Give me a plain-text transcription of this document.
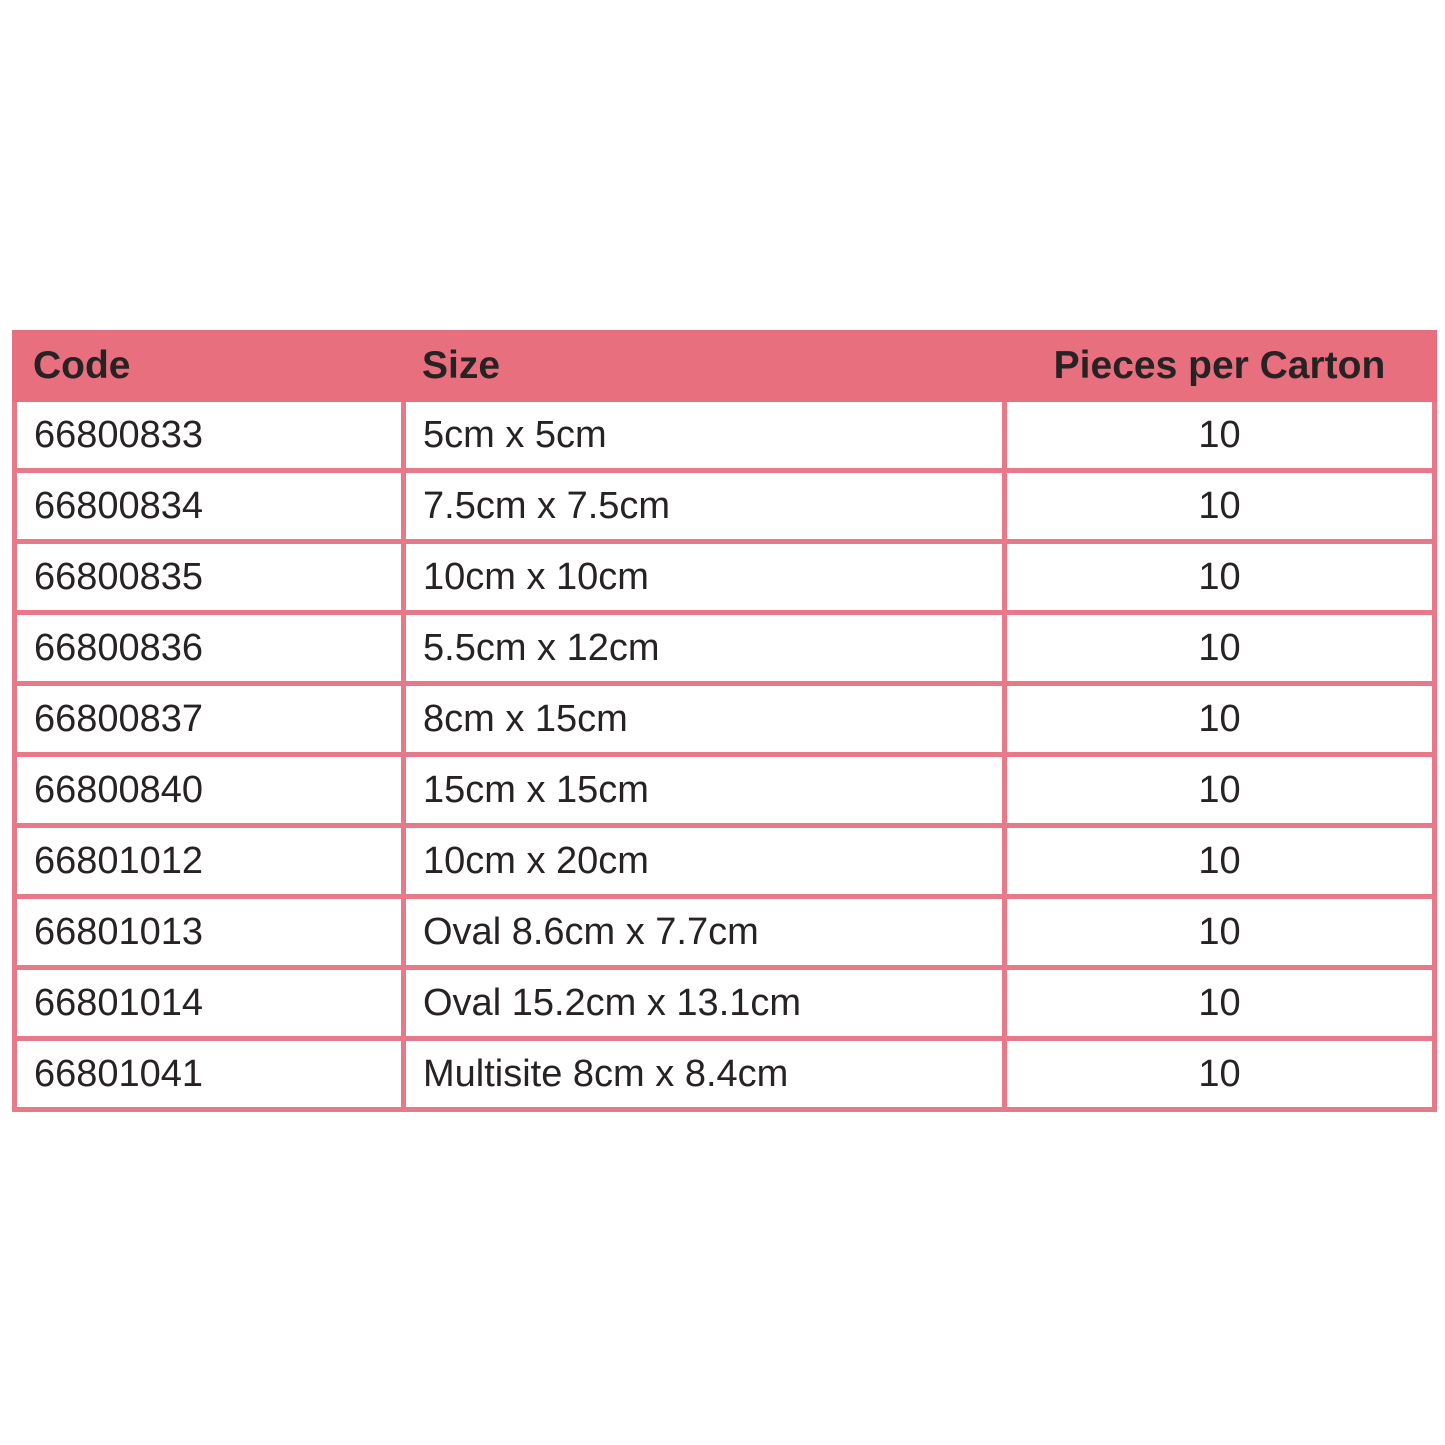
Code	Size	Pieces per Carton
66800833	5cm x 5cm	10
66800834	7.5cm x 7.5cm	10
66800835	10cm x 10cm	10
66800836	5.5cm x 12cm	10
66800837	8cm x 15cm	10
66800840	15cm x 15cm	10
66801012	10cm x 20cm	10
66801013	Oval 8.6cm x 7.7cm	10
66801014	Oval 15.2cm x 13.1cm	10
66801041	Multisite 8cm x 8.4cm	10
